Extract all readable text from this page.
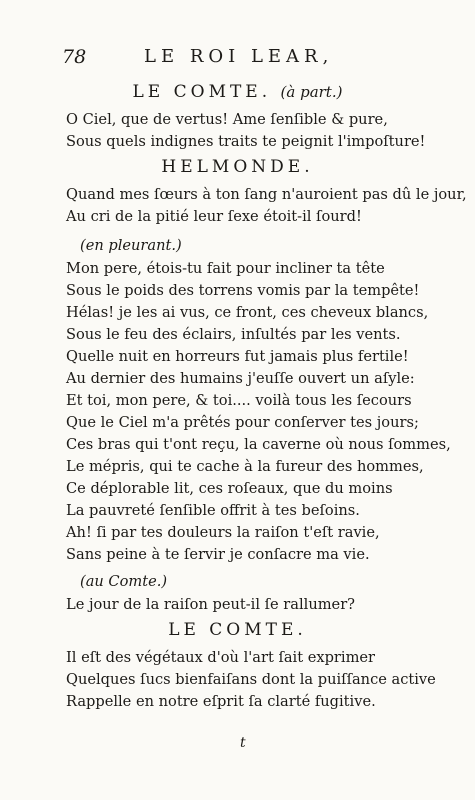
78	LE ROI LEAR,
LE COMTE. (à part.)
O Ciel, que de vertus! Ame ſenſible & pure,
Sous quels indignes traits te peignit l'impoſture!
HELMONDE.
Quand mes ſœurs à ton ſang n'auroient pas dû le jour,
Au cri de la pitié leur ſexe étoit-il ſourd!
(en pleurant.)
Mon pere, étois-tu fait pour incliner ta tête
Sous le poids des torrens vomis par la tempête!
Hélas! je les ai vus, ce front, ces cheveux blancs,
Sous le feu des éclairs, inſultés par les vents.
Quelle nuit en horreurs fut jamais plus fertile!
Au dernier des humains j'euſſe ouvert un aſyle:
Et toi, mon pere, & toi.... voilà tous les ſecours
Que le Ciel m'a prêtés pour conſerver tes jours;
Ces bras qui t'ont reçu, la caverne où nous ſommes,
Le mépris, qui te cache à la fureur des hommes,
Ce déplorable lit, ces roſeaux, que du moins
La pauvreté ſenſible offrit à tes beſoins.
Ah! ſi par tes douleurs la raiſon t'eſt ravie,
Sans peine à te ſervir je conſacre ma vie.
(au Comte.)
Le jour de la raiſon peut-il ſe rallumer?
LE COMTE.
Il eſt des végétaux d'où l'art ſait exprimer
Quelques ſucs bienfaiſans dont la puiſſance active
Rappelle en notre eſprit ſa clarté fugitive.
t
